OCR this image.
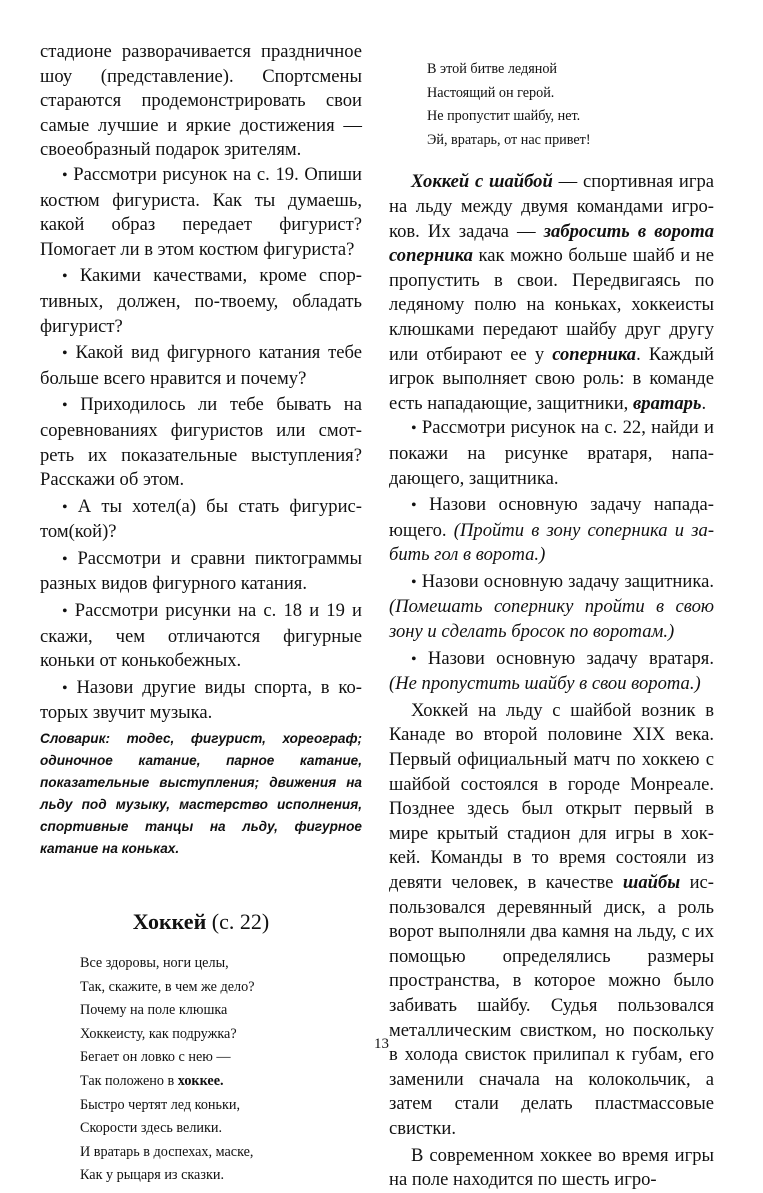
стадионе разворачивается праздничное шоу (представление). Спортсмены стараются продемонстрировать свои самые лучшие и яркие достижения — своеобразный подарок зрителям.

• Рассмотри рисунок на с. 19. Опиши костюм фигуриста. Как ты думаешь, какой образ передает фигурист? Помогает ли в этом костюм фигуриста?

• Какими качествами, кроме спортивных, должен, по-твоему, обладать фигурист?

• Какой вид фигурного катания тебе больше всего нравится и почему?

• Приходилось ли тебе бывать на соревнованиях фигуристов или смотреть их показательные выступления? Расскажи об этом.

• А ты хотел(а) бы стать фигуристом(кой)?

• Рассмотри и сравни пиктограммы разных видов фигурного катания.

• Рассмотри рисунки на с. 18 и 19 и скажи, чем отличаются фигурные коньки от конькобежных.

• Назови другие виды спорта, в которых звучит музыка.

Словарик: тодес, фигурист, хореограф; одиночное катание, парное катание, показательные выступления; движения на льду под музыку, мастерство исполнения, спортивные танцы на льду, фигурное катание на коньках.

Хоккей (с. 22)
Все здоровы, ноги целы,
Так, скажите, в чем же дело?
Почему на поле клюшка
Хоккеисту, как подружка?
Бегает он ловко с нею —
Так положено в хоккее.
Быстро чертят лед коньки,
Скорости здесь велики.
И вратарь в доспехах, маске,
Как у рыцаря из сказки.
В этой битве ледяной
Настоящий он герой.
Не пропустит шайбу, нет.
Эй, вратарь, от нас привет!

Хоккей с шайбой — спортивная игра на льду между двумя командами игроков. Их задача — забросить в ворота соперника как можно больше шайб и не пропустить в свои. Передвигаясь по ледяному полю на коньках, хоккеисты клюшками передают шайбу друг другу или отбирают ее у соперника. Каждый игрок выполняет свою роль: в команде есть нападающие, защитники, вратарь.

• Рассмотри рисунок на с. 22, найди и покажи на рисунке вратаря, нападающего, защитника.

• Назови основную задачу нападающего. (Пройти в зону соперника и забить гол в ворота.)

• Назови основную задачу защитника. (Помешать сопернику пройти в свою зону и сделать бросок по воротам.)

• Назови основную задачу вратаря. (Не пропустить шайбу в свои ворота.)

Хоккей на льду с шайбой возник в Канаде во второй половине XIX века. Первый официальный матч по хоккею с шайбой состоялся в городе Монреале. Позднее здесь был открыт первый в мире крытый стадион для игры в хоккей. Команды в то время состояли из девяти человек, в качестве шайбы использовался деревянный диск, а роль ворот выполняли два камня на льду, с их помощью определялись размеры пространства, в которое можно было забивать шайбу. Судья пользовался металлическим свистком, но поскольку в холода свисток прилипал к губам, его заменили сначала на колокольчик, а затем стали делать пластмассовые свистки.

В современном хоккее во время игры на поле находится по шесть игро-

13
